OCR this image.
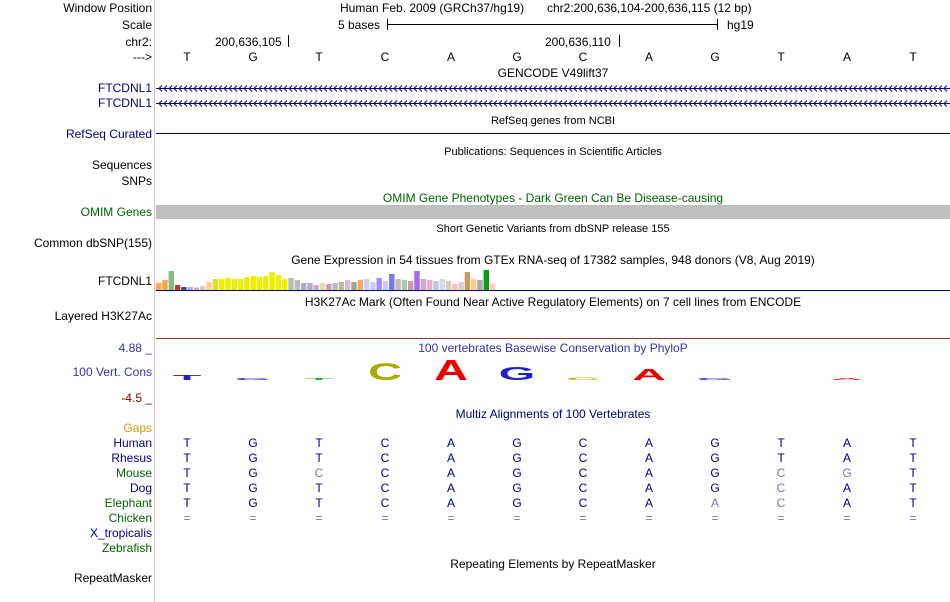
Window Position	Human Feb. 2009 (GRCh37/hg19) chr2:200,636,104-200,636,115 (12 bp)
Scale	5 bases	hg19
chr2:	200,636,105	200,636,110
--->	T	G	T	C	A	G	C	A	G	T	A	T
GENCODE V49lift37
FTCDNL1
FTCDNL1
RefSeq genes from NCBI
RefSeq Curated
Publications: Sequences in Scientific Articles
Sequences
SNPs
OMIM Gene Phenotypes - Dark Green Can Be Disease-causing
OMIM Genes
Short Genetic Variants from dbSNP release 155
Common dbSNP(155)
Gene Expression in 54 tissues from GTEx RNA-seq of 17382 samples, 948 donors (V8, Aug 2019)
FTCDNL1
H3K27Ac Mark (Often Found Near Active Regulatory Elements) on 7 cell lines from ENCODE
Layered H3K27Ac
100 vertebrates Basewise Conservation by PhyloP
4.88 _
100 Vert. Cons
-4.5 _
T G T C A G C A G	A
Multiz Alignments of 100 Vertebrates
Gaps
Human	T	G	T	C	A	G	C	A	G	T	A	T
Rhesus	T	G	T	C	A	G	C	A	G	T	A	T
Mouse	T	G	C	C	A	G	C	A	G	C	G	T
Dog	T	G	T	C	A	G	C	A	G	C	A	T
Elephant	T	G	T	C	A	G	C	A	A	C	A	T
Chicken	=	=	=	=	=	=	=	=	=	=	=	=
X_tropicalis
Zebrafish
Repeating Elements by RepeatMasker
RepeatMasker
